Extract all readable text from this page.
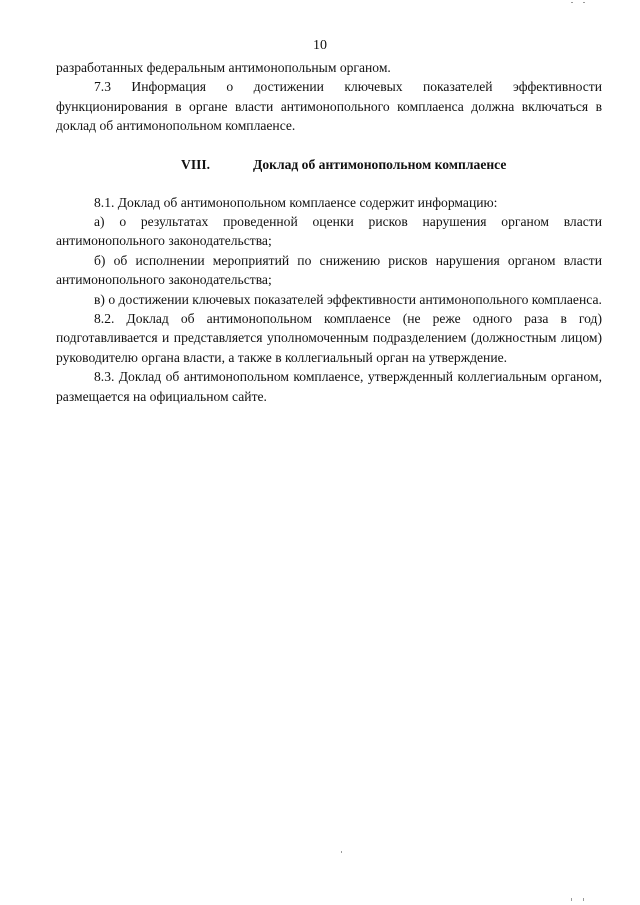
10

разработанных федеральным антимонопольным органом.

7.3 Информация о достижении ключевых показателей эффективности функционирования в органе власти антимонопольного комплаенса должна включаться в доклад об антимонопольном комплаенсе.

VIII.	Доклад об антимонопольном комплаенсе

8.1. Доклад об антимонопольном комплаенсе содержит информацию:

а) о результатах проведенной оценки рисков нарушения органом власти антимонопольного законодательства;

б) об исполнении мероприятий по снижению рисков нарушения органом власти антимонопольного законодательства;

в) о достижении ключевых показателей эффективности антимонопольного комплаенса.

8.2. Доклад об антимонопольном комплаенсе (не реже одного раза в год) подготавливается и представляется уполномоченным подразделением (должностным лицом) руководителю органа власти, а также в коллегиальный орган на утверждение.

8.3. Доклад об антимонопольном комплаенсе, утвержденный коллегиальным органом, размещается на официальном сайте.
